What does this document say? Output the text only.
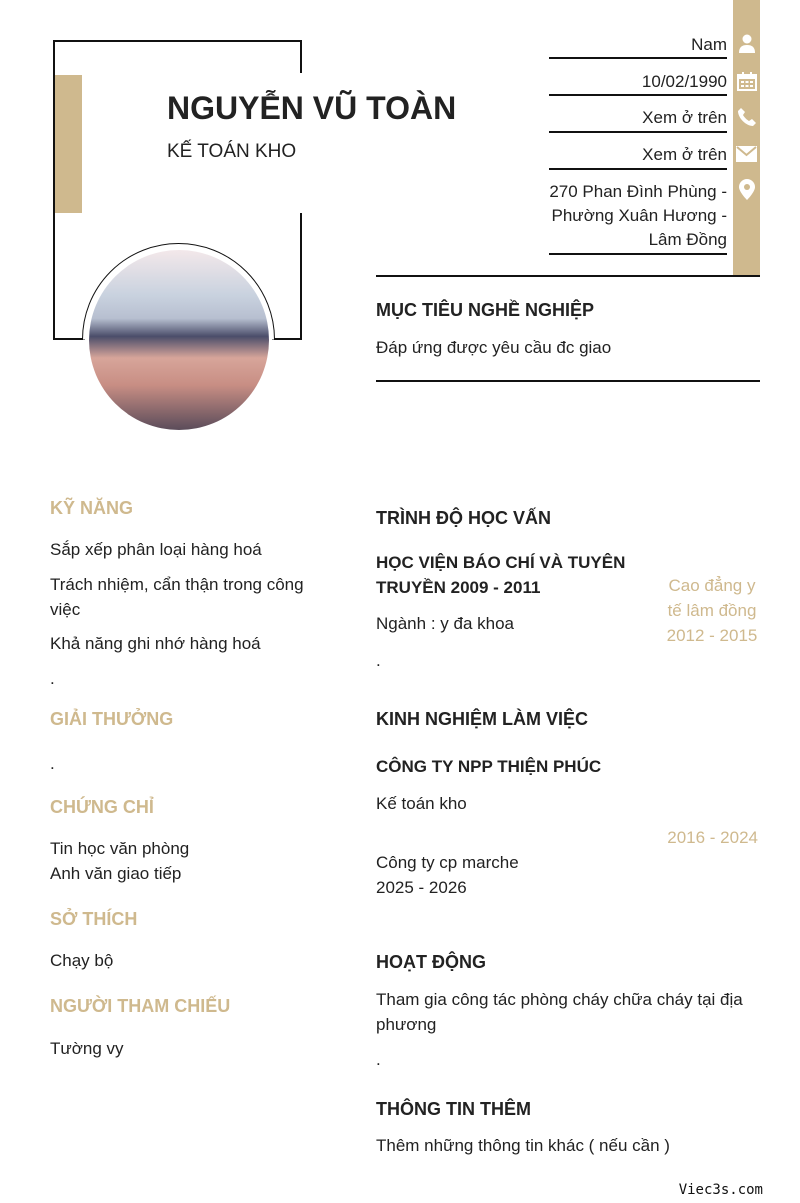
NGUYỄN VŨ TOÀN
KẾ TOÁN KHO
Nam
10/02/1990
Xem ở trên
Xem ở trên
270 Phan Đình Phùng - Phường Xuân Hương - Lâm Đồng
MỤC TIÊU NGHỀ NGHIỆP
Đáp ứng được yêu cầu đc giao
KỸ NĂNG
Sắp xếp phân loại hàng hoá
Trách nhiệm, cẩn thận trong công việc
Khả năng ghi nhớ hàng hoá
.
GIẢI THƯỞNG
.
CHỨNG CHỈ
Tin học văn phòng
Anh văn giao tiếp
SỞ THÍCH
Chạy bộ
NGƯỜI THAM CHIẾU
Tường vy
TRÌNH ĐỘ HỌC VẤN
HỌC VIỆN BÁO CHÍ VÀ TUYÊN TRUYỀN 2009 - 2011	Cao đẳng y tế lâm đồng 2012 - 2015
Ngành : y đa khoa
.
KINH NGHIỆM LÀM VIỆC
CÔNG TY NPP THIỆN PHÚC
Kế toán kho
2016 - 2024
Công ty cp marche
2025 - 2026
HOẠT ĐỘNG
Tham gia công tác phòng cháy chữa cháy tại địa phương
.
THÔNG TIN THÊM
Thêm những thông tin khác ( nếu cần )
Viec3s.com
